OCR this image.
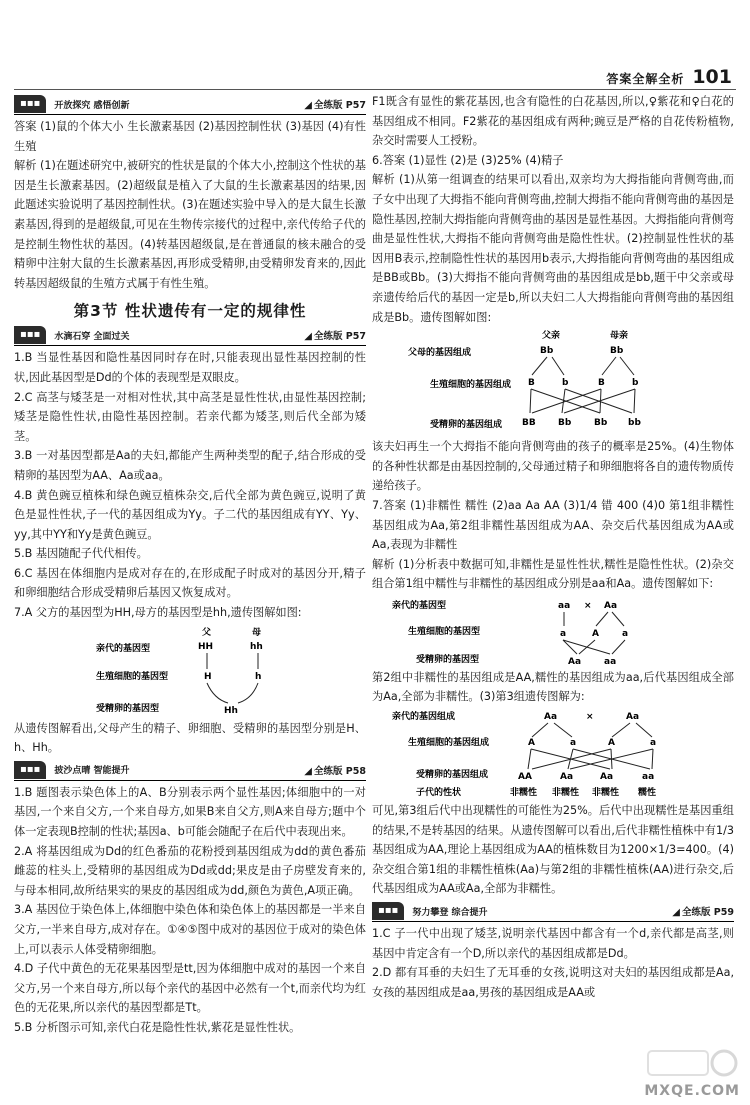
答案全解全析 101
▪▪▪	开放探究 感悟创新	◢ 全练版 P57

答案 (1)鼠的个体大小 生长激素基因 (2)基因控制性状 (3)基因 (4)有性生殖

解析 (1)在题述研究中,被研究的性状是鼠的个体大小,控制这个性状的基因是生长激素基因。(2)超级鼠是植入了大鼠的生长激素基因的结果,因此题述实验说明了基因控制性状。(3)在题述实验中导入的是大鼠生长激素基因,得到的是超级鼠,可见在生物传宗接代的过程中,亲代传给子代的是控制生物性状的基因。(4)转基因超级鼠,是在普通鼠的核未融合的受精卵中注射大鼠的生长激素基因,再形成受精卵,由受精卵发育来的,因此转基因超级鼠的生殖方式属于有性生殖。

第3节 性状遗传有一定的规律性
▪▪▪	水滴石穿 全面过关	◢ 全练版 P57

1.B 当显性基因和隐性基因同时存在时,只能表现出显性基因控制的性状,因此基因型是Dd的个体的表现型是双眼皮。

2.C 高茎与矮茎是一对相对性状,其中高茎是显性性状,由显性基因控制;矮茎是隐性性状,由隐性基因控制。若亲代都为矮茎,则后代全部为矮茎。

3.B 一对基因型都是Aa的夫妇,都能产生两种类型的配子,结合形成的受精卵的基因型为AA、Aa或aa。

4.B 黄色豌豆植株和绿色豌豆植株杂交,后代全部为黄色豌豆,说明了黄色是显性性状,子一代的基因组成为Yy。子二代的基因组成有YY、Yy、yy,其中YY和Yy是黄色豌豆。

5.B 基因随配子代代相传。

6.C 基因在体细胞内是成对存在的,在形成配子时成对的基因分开,精子和卵细胞结合形成受精卵后基因又恢复成对。

7.A 父方的基因型为HH,母方的基因型是hh,遗传图解如图:

父	母
亲代的基因型	HH	hh
生殖细胞的基因型	H	h
受精卵的基因型	Hh

从遗传图解看出,父母产生的精子、卵细胞、受精卵的基因型分别是H、h、Hh。

▪▪▪	披沙点晴 智能提升	◢ 全练版 P58

1.B 题图表示染色体上的A、B分别表示两个显性基因;体细胞中的一对基因,一个来自父方,一个来自母方,如果B来自父方,则A来自母方;题中个体一定表现B控制的性状;基因a、b可能会随配子在后代中表现出来。

2.A 将基因组成为Dd的红色番茄的花粉授到基因组成为dd的黄色番茄雌蕊的柱头上,受精卵的基因组成为Dd或dd;果皮是由子房壁发育来的,与母本相同,故所结果实的果皮的基因组成为dd,颜色为黄色,A项正确。

3.A 基因位于染色体上,体细胞中染色体和染色体上的基因都是一半来自父方,一半来自母方,成对存在。①④⑤图中成对的基因位于成对的染色体上,可以表示人体受精卵细胞。

4.D 子代中黄色的无花果基因型是tt,因为体细胞中成对的基因一个来自父方,另一个来自母方,所以每个亲代的基因中必然有一个t,而亲代均为红色的无花果,所以亲代的基因型都是Tt。

5.B 分析图示可知,亲代白花是隐性性状,紫花是显性性状。

F1既含有显性的紫花基因,也含有隐性的白花基因,所以,♀紫花和♀白花的基因组成不相同。F2紫花的基因组成有两种;豌豆是严格的自花传粉植物,杂交时需要人工授粉。

6.答案 (1)显性 (2)是 (3)25% (4)精子

解析 (1)从第一组调查的结果可以看出,双亲均为大拇指能向背侧弯曲,而子女中出现了大拇指不能向背侧弯曲,控制大拇指不能向背侧弯曲的基因是隐性基因,控制大拇指能向背侧弯曲的基因是显性基因。大拇指能向背侧弯曲是显性性状,大拇指不能向背侧弯曲是隐性性状。(2)控制显性性状的基因用B表示,控制隐性性状的基因用b表示,大拇指能向背侧弯曲的基因组成是BB或Bb。(3)大拇指不能向背侧弯曲的基因组成是bb,题干中父亲或母亲遗传给后代的基因一定是b,所以夫妇二人大拇指能向背侧弯曲的基因组成是Bb。遗传图解如图:

父亲	母亲
父母的基因组成	Bb	Bb
生殖细胞的基因组成 B	b	B	b
受精卵的基因组成 BB Bb	Bb bb

该夫妇再生一个大拇指不能向背侧弯曲的孩子的概率是25%。(4)生物体的各种性状都是由基因控制的,父母通过精子和卵细胞将各自的遗传物质传递给孩子。

7.答案 (1)非糯性 糯性 (2)aa Aa AA (3)1/4 错 400 (4)0 第1组非糯性基因组成为Aa,第2组非糯性基因组成为AA、杂交后代基因组成为AA或Aa,表现为非糯性

解析 (1)分析表中数据可知,非糯性是显性性状,糯性是隐性性状。(2)杂交组合第1组中糯性与非糯性的基因组成分别是aa和Aa。遗传图解如下:

亲代的基因型	aa × Aa
生殖细胞的基因型	a	A	a
受精卵的基因型	Aa	aa

第2组中非糯性的基因组成是AA,糯性的基因组成为aa,后代基因组成全部为Aa,全部为非糯性。(3)第3组遗传图解为:

亲代的基因组成	Aa	×	Aa
生殖细胞的基因组成	A	a	A	a
受精卵的基因组成	AA	Aa	Aa	aa
子代的性状	非糯性 非糯性 非糯性 糯性

可见,第3组后代中出现糯性的可能性为25%。后代中出现糯性是基因重组的结果,不是转基因的结果。从遗传图解可以看出,后代非糯性植株中有1/3基因组成为AA,理论上基因组成为AA的植株数目为1200×1/3=400。(4)杂交组合第1组的非糯性植株(Aa)与第2组的非糯性植株(AA)进行杂交,后代基因组成为AA或Aa,全部为非糯性。

▪▪▪	努力攀登 综合提升	◢ 全练版 P59

1.C 子一代中出现了矮茎,说明亲代基因中都含有一个d,亲代都是高茎,则基因中肯定含有一个D,所以亲代的基因组成都是Dd。

2.D 都有耳垂的夫妇生了无耳垂的女孩,说明这对夫妇的基因组成都是Aa,女孩的基因组成是aa,男孩的基因组成是AA或

MXQE.COM
